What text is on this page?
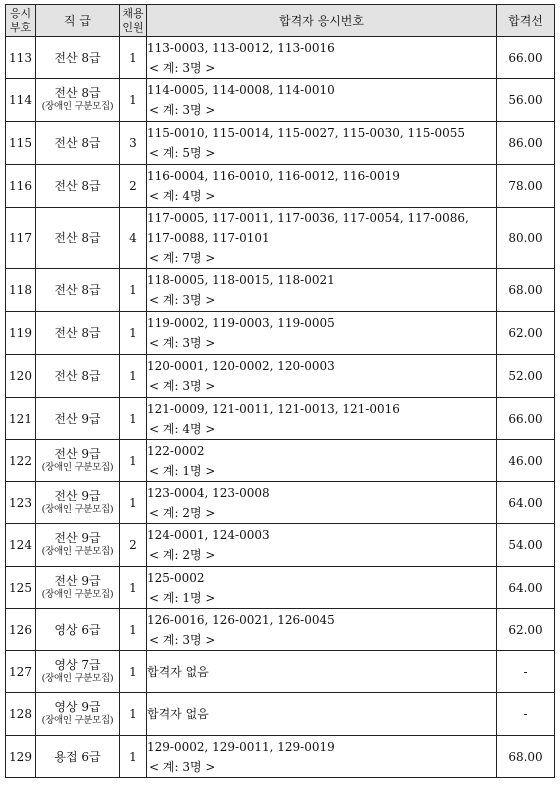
응시
부호	직 급	채용
인원	합격자 응시번호	합격선
113	전산 8급	1	113-0003, 113-0012, 113-0016
< 계: 3명 >	66.00
114	전산 8급
(장애인 구분모집)	1	114-0005, 114-0008, 114-0010
< 계: 3명 >	56.00
115	전산 8급	3	115-0010, 115-0014, 115-0027, 115-0030, 115-0055
< 계: 5명 >	86.00
116	전산 8급	2	116-0004, 116-0010, 116-0012, 116-0019
< 계: 4명 >	78.00
117	전산 8급	4	117-0005, 117-0011, 117-0036, 117-0054, 117-0086,
117-0088, 117-0101
< 계: 7명 >	80.00
118	전산 8급	1	118-0005, 118-0015, 118-0021
< 계: 3명 >	68.00
119	전산 8급	1	119-0002, 119-0003, 119-0005
< 계: 3명 >	62.00
120	전산 8급	1	120-0001, 120-0002, 120-0003
< 계: 3명 >	52.00
121	전산 9급	1	121-0009, 121-0011, 121-0013, 121-0016
< 계: 4명 >	66.00
122	전산 9급
(장애인 구분모집)	1	122-0002
< 계: 1명 >	46.00
123	전산 9급
(장애인 구분모집)	1	123-0004, 123-0008
< 계: 2명 >	64.00
124	전산 9급
(장애인 구분모집)	2	124-0001, 124-0003
< 계: 2명 >	54.00
125	전산 9급
(장애인 구분모집)	1	125-0002
< 계: 1명 >	64.00
126	영상 6급	1	126-0016, 126-0021, 126-0045
< 계: 3명 >	62.00
127	영상 7급
(장애인 구분모집)	1	합격자 없음	-
128	영상 9급
(장애인 구분모집)	1	합격자 없음	-
129	용접 6급	1	129-0002, 129-0011, 129-0019
< 계: 3명 >	68.00
